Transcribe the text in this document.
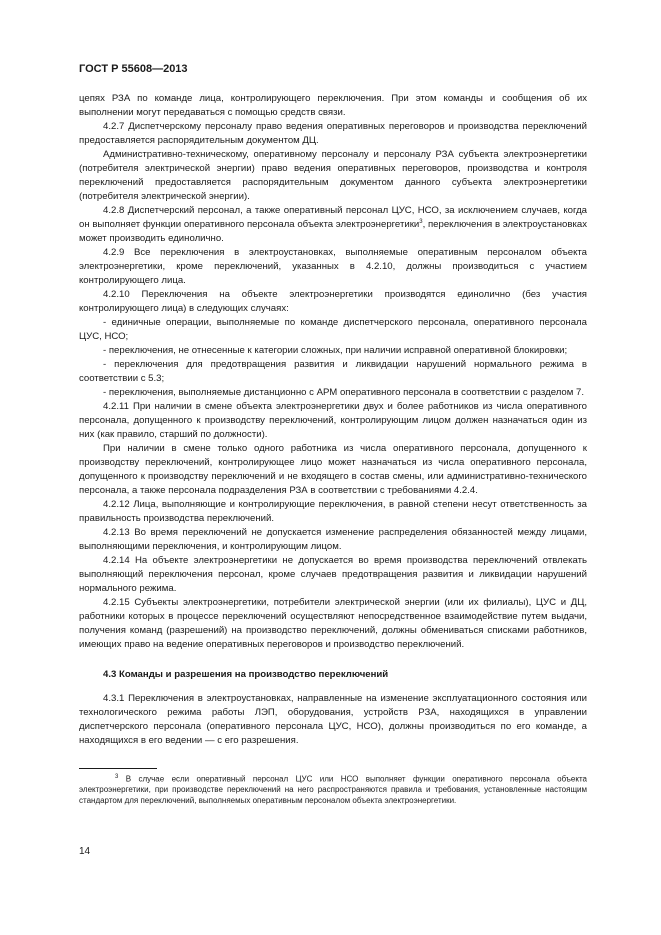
ГОСТ Р 55608—2013

цепях РЗА по команде лица, контролирующего переключения. При этом команды и сообщения об их выполнении могут передаваться с помощью средств связи.

4.2.7 Диспетчерскому персоналу право ведения оперативных переговоров и производства переключений предоставляется распорядительным документом ДЦ.

Административно-техническому, оперативному персоналу и персоналу РЗА субъекта электроэнергетики (потребителя электрической энергии) право ведения оперативных переговоров, производства и контроля переключений предоставляется распорядительным документом данного субъекта электроэнергетики (потребителя электрической энергии).

4.2.8 Диспетчерский персонал, а также оперативный персонал ЦУС, НСО, за исключением случаев, когда он выполняет функции оперативного персонала объекта электроэнергетики$^3$, переключения в электроустановках может производить единолично.

4.2.9 Все переключения в электроустановках, выполняемые оперативным персоналом объекта электроэнергетики, кроме переключений, указанных в 4.2.10, должны производиться с участием контролирующего лица.

4.2.10 Переключения на объекте электроэнергетики производятся единолично (без участия контролирующего лица) в следующих случаях:

- единичные операции, выполняемые по команде диспетчерского персонала, оперативного персонала ЦУС, НСО;

- переключения, не отнесенные к категории сложных, при наличии исправной оперативной блокировки;

- переключения для предотвращения развития и ликвидации нарушений нормального режима в соответствии с 5.3;

- переключения, выполняемые дистанционно с АРМ оперативного персонала в соответствии с разделом 7.

4.2.11 При наличии в смене объекта электроэнергетики двух и более работников из числа оперативного персонала, допущенного к производству переключений, контролирующим лицом должен назначаться один из них (как правило, старший по должности).

При наличии в смене только одного работника из числа оперативного персонала, допущенного к производству переключений, контролирующее лицо может назначаться из числа оперативного персонала, допущенного к производству переключений и не входящего в состав смены, или административно-технического персонала, а также персонала подразделения РЗА в соответствии с требованиями 4.2.4.

4.2.12 Лица, выполняющие и контролирующие переключения, в равной степени несут ответственность за правильность производства переключений.

4.2.13 Во время переключений не допускается изменение распределения обязанностей между лицами, выполняющими переключения, и контролирующим лицом.

4.2.14 На объекте электроэнергетики не допускается во время производства переключений отвлекать выполняющий переключения персонал, кроме случаев предотвращения развития и ликвидации нарушений нормального режима.

4.2.15 Субъекты электроэнергетики, потребители электрической энергии (или их филиалы), ЦУС и ДЦ, работники которых в процессе переключений осуществляют непосредственное взаимодействие путем выдачи, получения команд (разрешений) на производство переключений, должны обмениваться списками работников, имеющих право на ведение оперативных переговоров и производство переключений.

4.3 Команды и разрешения на производство переключений

4.3.1 Переключения в электроустановках, направленные на изменение эксплуатационного состояния или технологического режима работы ЛЭП, оборудования, устройств РЗА, находящихся в управлении диспетчерского персонала (оперативного персонала ЦУС, НСО), должны производиться по его команде, а находящихся в его ведении — с его разрешения.

$^3$ В случае если оперативный персонал ЦУС или НСО выполняет функции оперативного персонала объекта электроэнергетики, при производстве переключений на него распространяются правила и требования, установленные настоящим стандартом для переключений, выполняемых оперативным персоналом объекта электроэнергетики.

14
